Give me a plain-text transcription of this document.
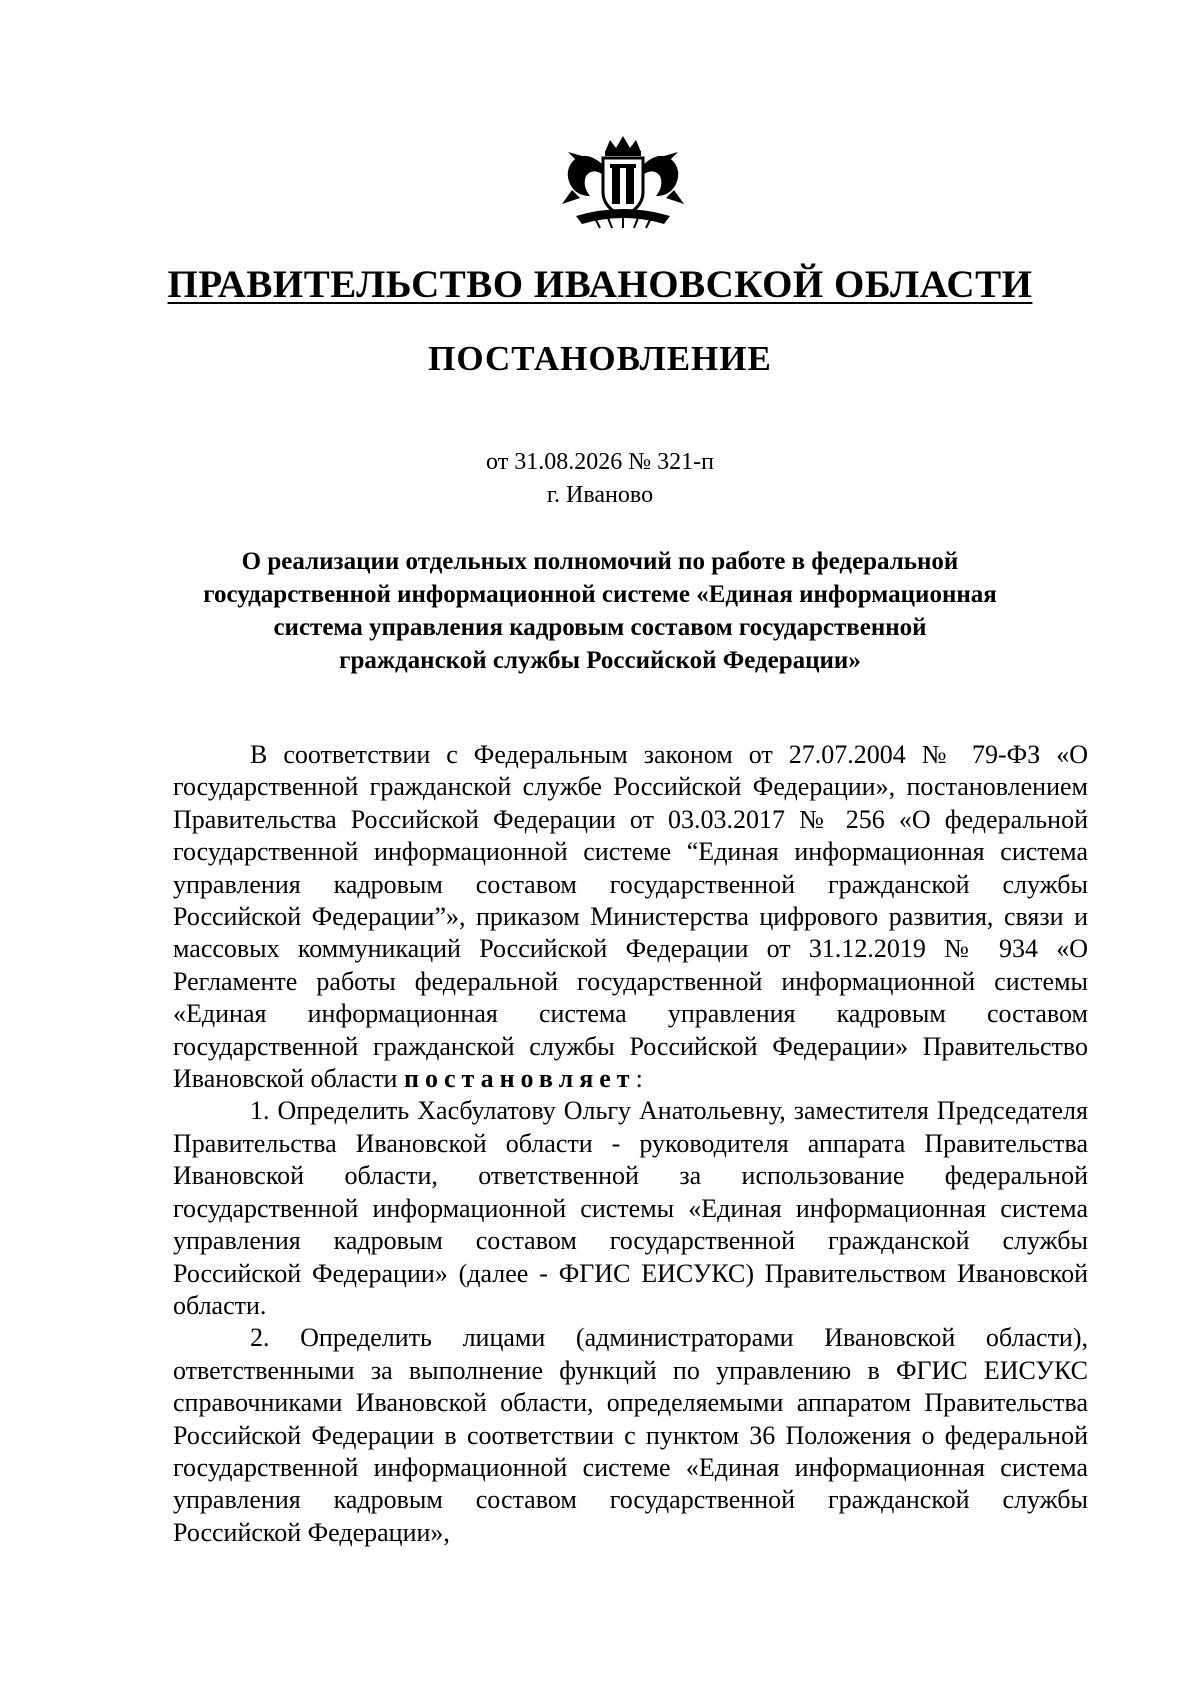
ПРАВИТЕЛЬСТВО ИВАНОВСКОЙ ОБЛАСТИ
ПОСТАНОВЛЕНИЕ
от 31.08.2026 № 321-п
г. Иваново
О реализации отдельных полномочий по работе в федеральной
государственной информационной системе «Единая информационная
система управления кадровым составом государственной
гражданской службы Российской Федерации»

В соответствии с Федеральным законом от 27.07.2004 № 79-ФЗ «О государственной гражданской службе Российской Федерации», постановлением Правительства Российской Федерации от 03.03.2017 № 256 «О федеральной государственной информационной системе “Единая информационная система управления кадровым составом государственной гражданской службы Российской Федерации”», приказом Министерства цифрового развития, связи и массовых коммуникаций Российской Федерации от 31.12.2019 № 934 «О Регламенте работы федеральной государственной информационной системы «Единая информационная система управления кадровым составом государственной гражданской службы Российской Федерации» Правительство Ивановской области постановляет:

1. Определить Хасбулатову Ольгу Анатольевну, заместителя Председателя Правительства Ивановской области - руководителя аппарата Правительства Ивановской области, ответственной за использование федеральной государственной информационной системы «Единая информационная система управления кадровым составом государственной гражданской службы Российской Федерации» (далее - ФГИС ЕИСУКС) Правительством Ивановской области.

2. Определить лицами (администраторами Ивановской области), ответственными за выполнение функций по управлению в ФГИС ЕИСУКС справочниками Ивановской области, определяемыми аппаратом Правительства Российской Федерации в соответствии с пунктом 36 Положения о федеральной государственной информационной системе «Единая информационная система управления кадровым составом государственной гражданской службы Российской Федерации»,
